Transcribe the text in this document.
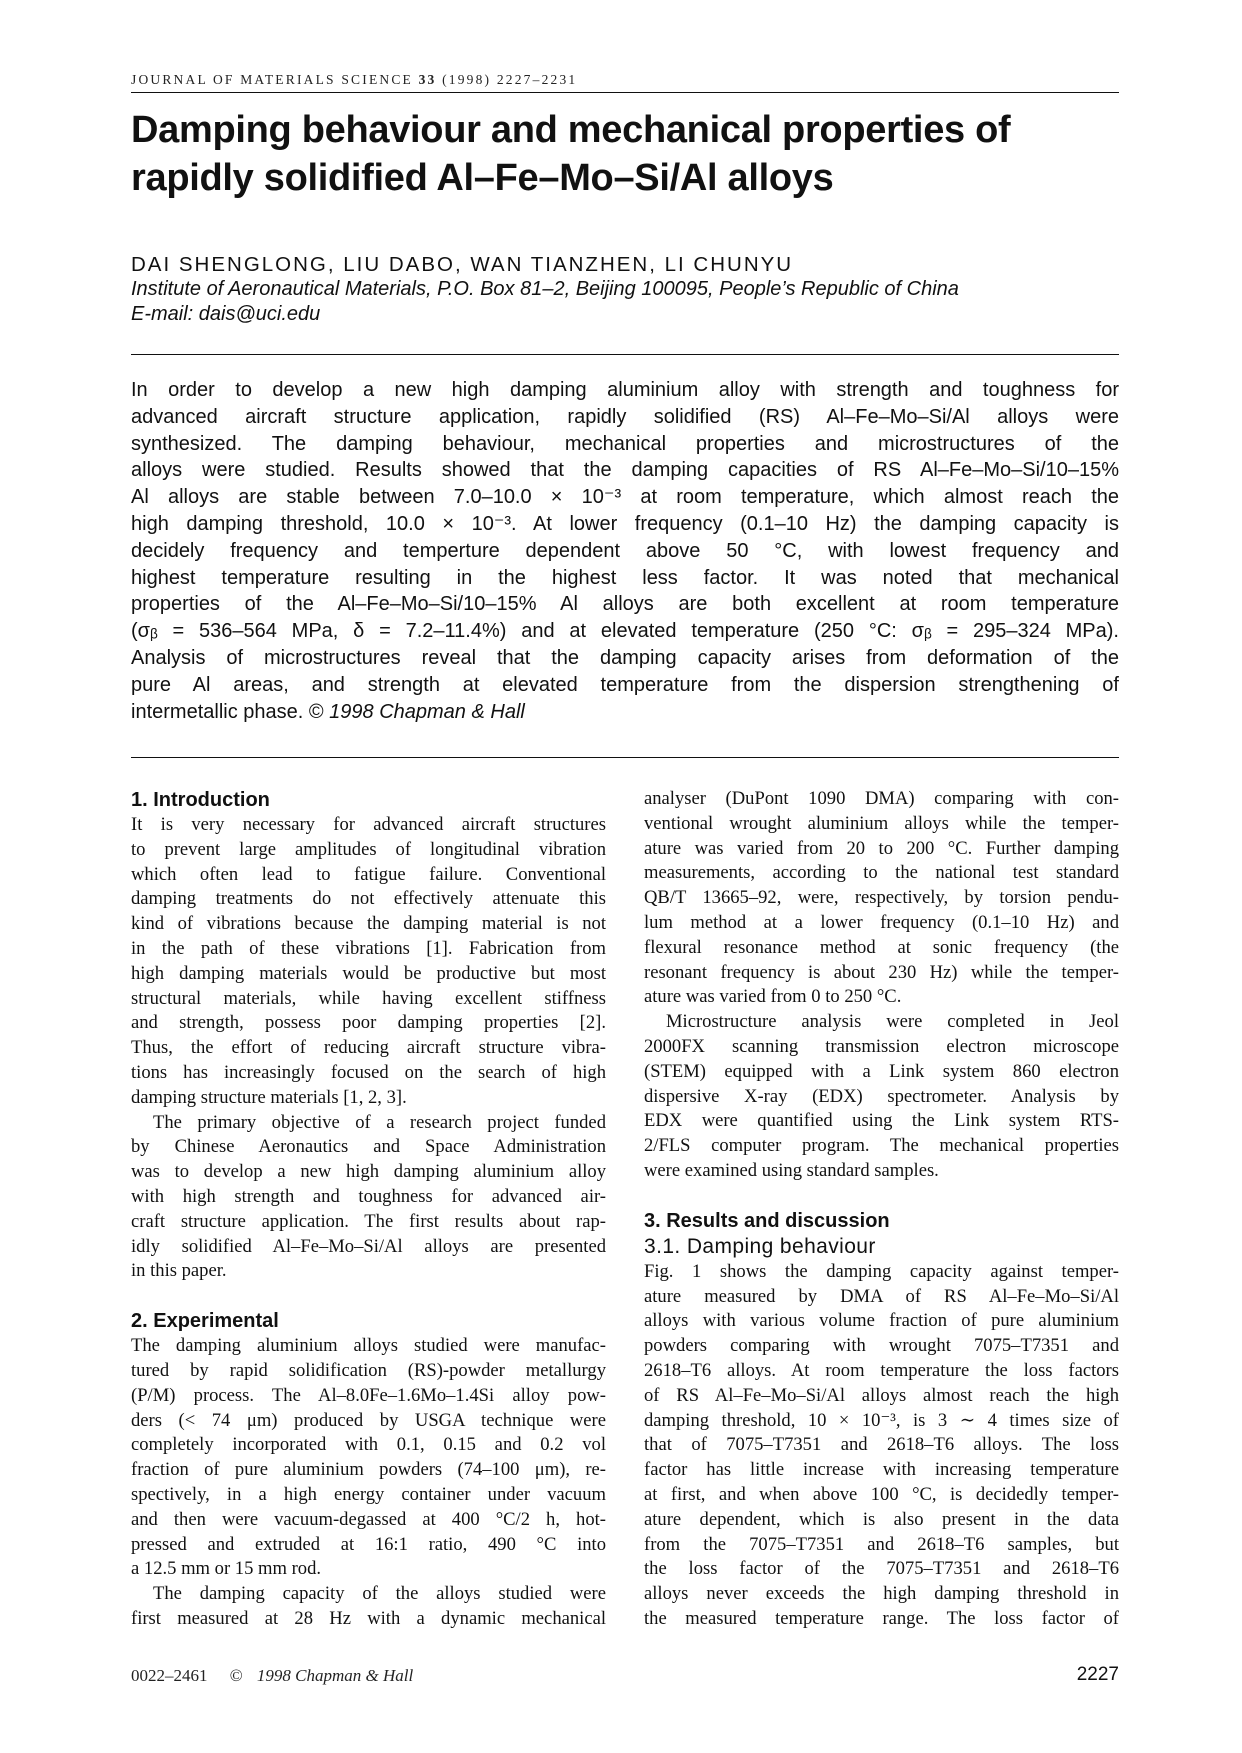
JOURNAL OF MATERIALS SCIENCE 33 (1998) 2227–2231
Damping behaviour and mechanical properties of
rapidly solidified Al–Fe–Mo–Si/Al alloys
DAI SHENGLONG, LIU DABO, WAN TIANZHEN, LI CHUNYU
Institute of Aeronautical Materials, P.O. Box 81–2, Beijing 100095, People’s Republic of China
E-mail: dais@uci.edu
In order to develop a new high damping aluminium alloy with strength and toughness for
advanced aircraft structure application, rapidly solidified (RS) Al–Fe–Mo–Si/Al alloys were
synthesized. The damping behaviour, mechanical properties and microstructures of the
alloys were studied. Results showed that the damping capacities of RS Al–Fe–Mo–Si/10–15%
Al alloys are stable between 7.0–10.0 × 10⁻³ at room temperature, which almost reach the
high damping threshold, 10.0 × 10⁻³. At lower frequency (0.1–10 Hz) the damping capacity is
decidely frequency and temperture dependent above 50 °C, with lowest frequency and
highest temperature resulting in the highest less factor. It was noted that mechanical
properties of the Al–Fe–Mo–Si/10–15% Al alloys are both excellent at room temperature
(σᵦ = 536–564 MPa, δ = 7.2–11.4%) and at elevated temperature (250 °C: σᵦ = 295–324 MPa).
Analysis of microstructures reveal that the damping capacity arises from deformation of the
pure Al areas, and strength at elevated temperature from the dispersion strengthening of
intermetallic phase. © 1998 Chapman & Hall
1. Introduction
It is very necessary for advanced aircraft structures
to prevent large amplitudes of longitudinal vibration
which often lead to fatigue failure. Conventional
damping treatments do not effectively attenuate this
kind of vibrations because the damping material is not
in the path of these vibrations [1]. Fabrication from
high damping materials would be productive but most
structural materials, while having excellent stiffness
and strength, possess poor damping properties [2].
Thus, the effort of reducing aircraft structure vibra-
tions has increasingly focused on the search of high
damping structure materials [1, 2, 3].
The primary objective of a research project funded
by Chinese Aeronautics and Space Administration
was to develop a new high damping aluminium alloy
with high strength and toughness for advanced air-
craft structure application. The first results about rap-
idly solidified Al–Fe–Mo–Si/Al alloys are presented
in this paper.
2. Experimental
The damping aluminium alloys studied were manufac-
tured by rapid solidification (RS)-powder metallurgy
(P/M) process. The Al–8.0Fe–1.6Mo–1.4Si alloy pow-
ders (< 74 μm) produced by USGA technique were
completely incorporated with 0.1, 0.15 and 0.2 vol
fraction of pure aluminium powders (74–100 μm), re-
spectively, in a high energy container under vacuum
and then were vacuum-degassed at 400 °C/2 h, hot-
pressed and extruded at 16:1 ratio, 490 °C into
a 12.5 mm or 15 mm rod.
The damping capacity of the alloys studied were
first measured at 28 Hz with a dynamic mechanical
analyser (DuPont 1090 DMA) comparing with con-
ventional wrought aluminium alloys while the temper-
ature was varied from 20 to 200 °C. Further damping
measurements, according to the national test standard
QB/T 13665–92, were, respectively, by torsion pendu-
lum method at a lower frequency (0.1–10 Hz) and
flexural resonance method at sonic frequency (the
resonant frequency is about 230 Hz) while the temper-
ature was varied from 0 to 250 °C.
Microstructure analysis were completed in Jeol
2000FX scanning transmission electron microscope
(STEM) equipped with a Link system 860 electron
dispersive X-ray (EDX) spectrometer. Analysis by
EDX were quantified using the Link system RTS-
2/FLS computer program. The mechanical properties
were examined using standard samples.
3. Results and discussion
3.1. Damping behaviour
Fig. 1 shows the damping capacity against temper-
ature measured by DMA of RS Al–Fe–Mo–Si/Al
alloys with various volume fraction of pure aluminium
powders comparing with wrought 7075–T7351 and
2618–T6 alloys. At room temperature the loss factors
of RS Al–Fe–Mo–Si/Al alloys almost reach the high
damping threshold, 10 × 10⁻³, is 3 ∼ 4 times size of
that of 7075–T7351 and 2618–T6 alloys. The loss
factor has little increase with increasing temperature
at first, and when above 100 °C, is decidedly temper-
ature dependent, which is also present in the data
from the 7075–T7351 and 2618–T6 samples, but
the loss factor of the 7075–T7351 and 2618–T6
alloys never exceeds the high damping threshold in
the measured temperature range. The loss factor of
0022–2461 © 1998 Chapman & Hall	2227
